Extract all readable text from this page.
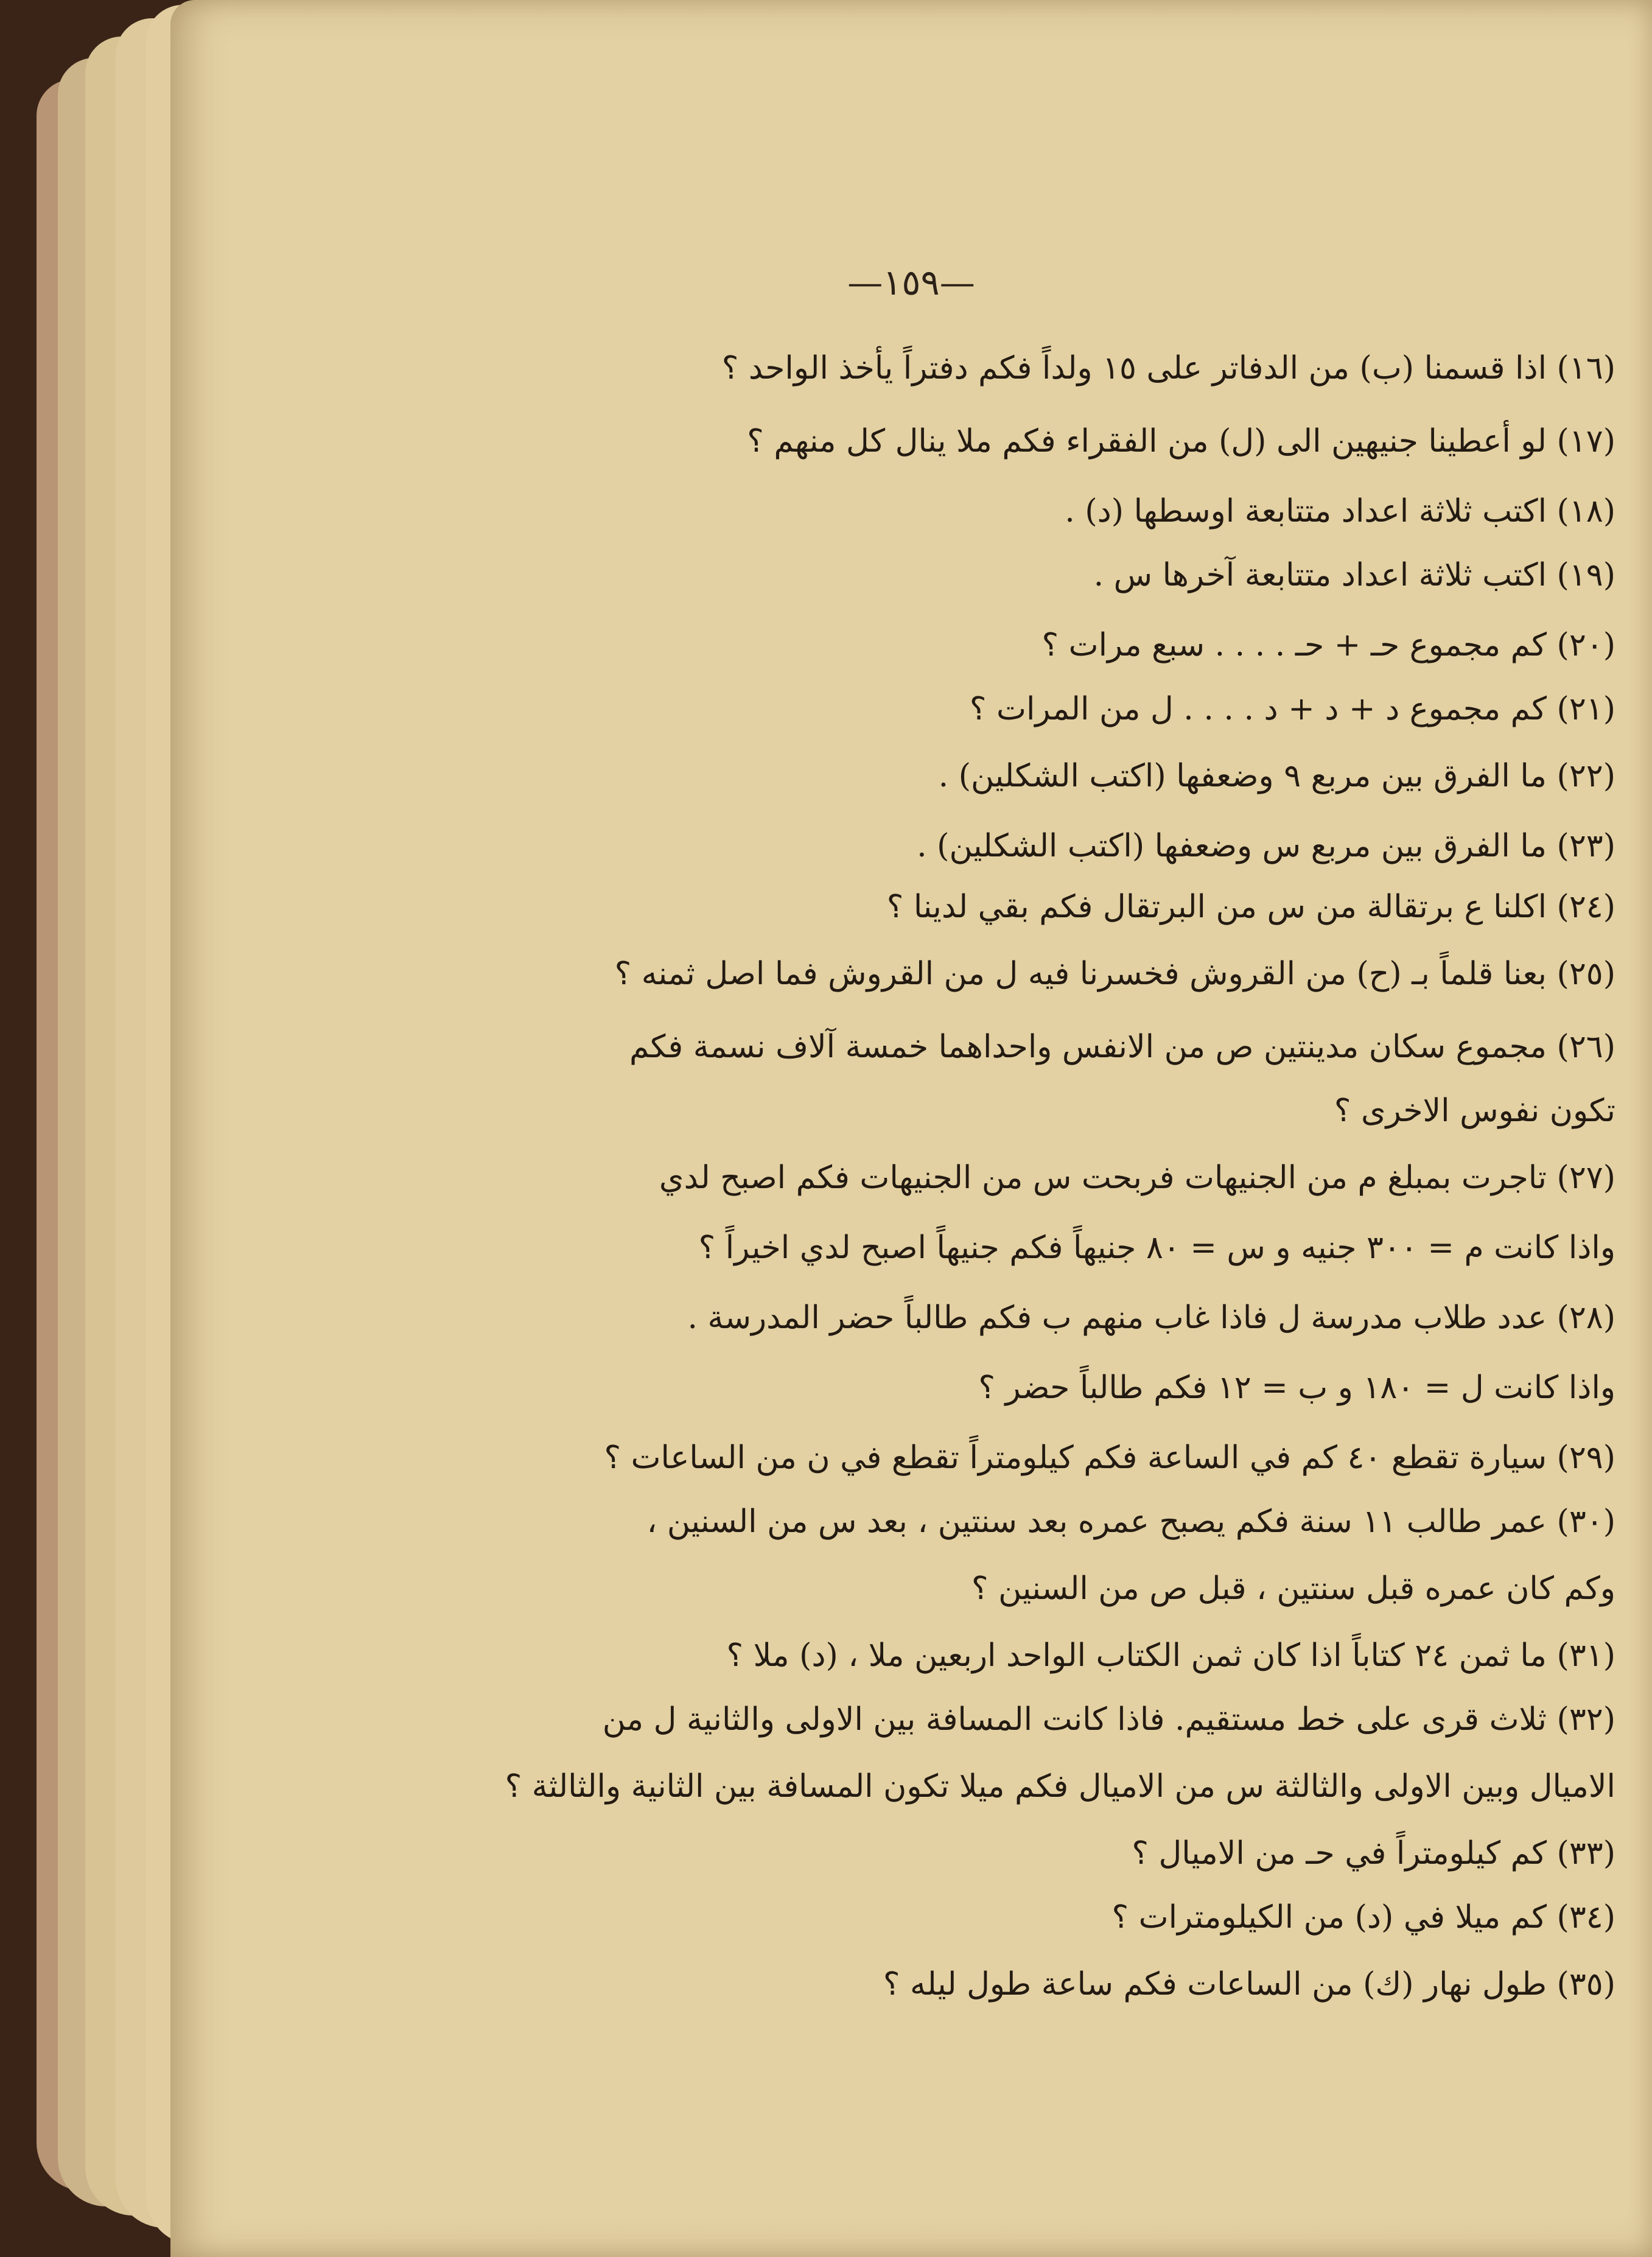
—١٥٩—
(١٦) اذا قسمنا (ب) من الدفاتر على ١٥ ولداً فكم دفتراً يأخذ الواحد ؟
(١٧) لو أعطينا جنيهين الى (ل) من الفقراء فكم ملا ينال كل منهم ؟
(١٨) اكتب ثلاثة اعداد متتابعة اوسطها (د) .
(١٩) اكتب ثلاثة اعداد متتابعة آخرها س .
(٢٠) كم مجموع حـ + حـ . . . . سبع مرات ؟
(٢١) كم مجموع د + د + د . . . . ل من المرات ؟
(٢٢) ما الفرق بين مربع ٩ وضعفها (اكتب الشكلين) .
(٢٣) ما الفرق بين مربع س وضعفها (اكتب الشكلين) .
(٢٤) اكلنا ع برتقالة من س من البرتقال فكم بقي لدينا ؟
(٢٥) بعنا قلماً بـ (ح) من القروش فخسرنا فيه ل من القروش فما اصل ثمنه ؟
(٢٦) مجموع سكان مدينتين ص من الانفس واحداهما خمسة آلاف نسمة فكم
تكون نفوس الاخرى ؟
(٢٧) تاجرت بمبلغ م من الجنيهات فربحت س من الجنيهات فكم اصبح لدي
واذا كانت م = ٣٠٠ جنيه و س = ٨٠ جنيهاً فكم جنيهاً اصبح لدي اخيراً ؟
(٢٨) عدد طلاب مدرسة ل فاذا غاب منهم ب فكم طالباً حضر المدرسة .
واذا كانت ل = ١٨٠ و ب = ١٢ فكم طالباً حضر ؟
(٢٩) سيارة تقطع ٤٠ كم في الساعة فكم كيلومتراً تقطع في ن من الساعات ؟
(٣٠) عمر طالب ١١ سنة فكم يصبح عمره بعد سنتين ، بعد س من السنين ،
وكم كان عمره قبل سنتين ، قبل ص من السنين ؟
(٣١) ما ثمن ٢٤ كتاباً اذا كان ثمن الكتاب الواحد اربعين ملا ، (د) ملا ؟
(٣٢) ثلاث قرى على خط مستقيم. فاذا كانت المسافة بين الاولى والثانية ل من
الاميال وبين الاولى والثالثة س من الاميال فكم ميلا تكون المسافة بين الثانية والثالثة ؟
(٣٣) كم كيلومتراً في حـ من الاميال ؟
(٣٤) كم ميلا في (د) من الكيلومترات ؟
(٣٥) طول نهار (ك) من الساعات فكم ساعة طول ليله ؟
